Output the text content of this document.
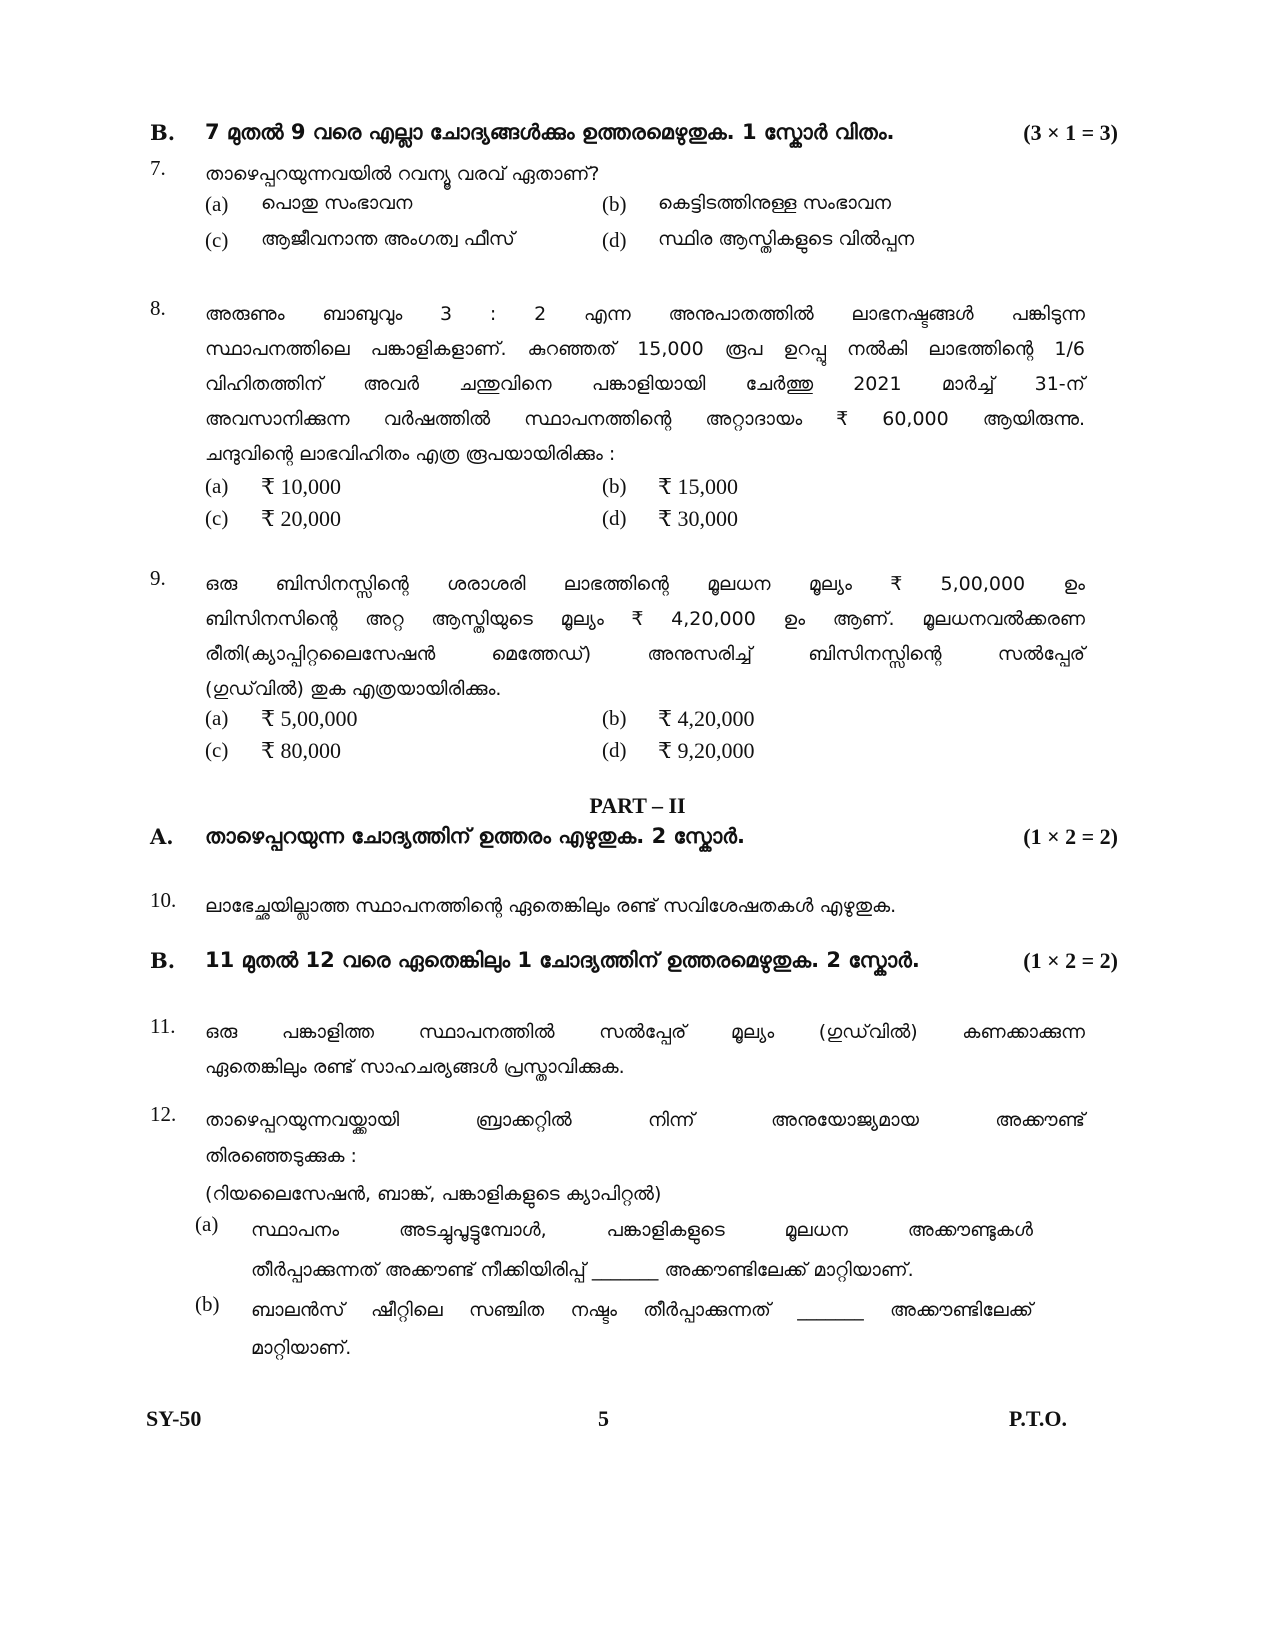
B. 7 മുതൽ 9 വരെ എല്ലാ ചോദ്യങ്ങൾക്കും ഉത്തരമെഴുതുക. 1 സ്കോർ വിതം.	(3 × 1 = 3)
7. താഴെപ്പറയുന്നവയിൽ റവന്യൂ വരവ് ഏതാണ്?
(a) പൊതു സംഭാവന	(b) കെട്ടിടത്തിനുള്ള സംഭാവന
(c) ആജീവനാന്ത അംഗത്വ ഫീസ്	(d) സ്ഥിര ആസ്തികളുടെ വിൽപ്പന
8. അരുണും ബാബുവും 3 : 2 എന്ന അനുപാതത്തിൽ ലാഭനഷ്ടങ്ങൾ പങ്കിടുന്ന
സ്ഥാപനത്തിലെ പങ്കാളികളാണ്. കുറഞ്ഞത് 15,000 രൂപ ഉറപ്പു നൽകി ലാഭത്തിന്റെ 1/6
വിഹിതത്തിന് അവർ ചന്തുവിനെ പങ്കാളിയായി ചേർത്തു 2021 മാർച്ച് 31-ന്
അവസാനിക്കുന്ന വർഷത്തിൽ സ്ഥാപനത്തിന്റെ അറ്റാദായം ₹ 60,000 ആയിരുന്നു.
ചന്ദുവിന്റെ ലാഭവിഹിതം എത്ര രൂപയായിരിക്കും :
(a) ₹ 10,000	(b) ₹ 15,000
(c) ₹ 20,000	(d) ₹ 30,000
9. ഒരു ബിസിനസ്സിന്റെ ശരാശരി ലാഭത്തിന്റെ മൂലധന മൂല്യം ₹ 5,00,000 ഉം
ബിസിനസിന്റെ അറ്റ ആസ്തിയുടെ മൂല്യം ₹ 4,20,000 ഉം ആണ്. മൂലധനവൽക്കരണ
രീതി(ക്യാപ്പിറ്റലൈസേഷൻ മെത്തേഡ്) അനുസരിച്ച് ബിസിനസ്സിന്റെ സൽപ്പേര്
(ഗുഡ്‌വിൽ) തുക എത്രയായിരിക്കും.
(a) ₹ 5,00,000	(b) ₹ 4,20,000
(c) ₹ 80,000	(d) ₹ 9,20,000
PART – II
A. താഴെപ്പറയുന്ന ചോദ്യത്തിന് ഉത്തരം എഴുതുക. 2 സ്കോർ.	(1 × 2 = 2)
10. ലാഭേച്ഛയില്ലാത്ത സ്ഥാപനത്തിന്റെ ഏതെങ്കിലും രണ്ട് സവിശേഷതകൾ എഴുതുക.
B. 11 മുതൽ 12 വരെ ഏതെങ്കിലും 1 ചോദ്യത്തിന് ഉത്തരമെഴുതുക. 2 സ്കോർ.	(1 × 2 = 2)
11. ഒരു പങ്കാളിത്ത സ്ഥാപനത്തിൽ സൽപ്പേര് മൂല്യം (ഗുഡ്‌വിൽ) കണക്കാക്കുന്ന
ഏതെങ്കിലും രണ്ട് സാഹചര്യങ്ങൾ പ്രസ്താവിക്കുക.
12. താഴെപ്പറയുന്നവയ്ക്കായി ബ്രാക്കറ്റിൽ നിന്ന് അനുയോജ്യമായ അക്കൗണ്ട്
തിരഞ്ഞെടുക്കുക :
(റിയലൈസേഷൻ, ബാങ്ക്, പങ്കാളികളുടെ ക്യാപിറ്റൽ)
(a) സ്ഥാപനം അടച്ചുപൂട്ടുമ്പോൾ, പങ്കാളികളുടെ മൂലധന അക്കൗണ്ടുകൾ
തീർപ്പാക്കുന്നത് അക്കൗണ്ട് നീക്കിയിരിപ്പ് _______ അക്കൗണ്ടിലേക്ക് മാറ്റിയാണ്.
(b) ബാലൻസ് ഷീറ്റിലെ സഞ്ചിത നഷ്ടം തീർപ്പാക്കുന്നത് _______ അക്കൗണ്ടിലേക്ക്
മാറ്റിയാണ്.
SY-50	5	P.T.O.
